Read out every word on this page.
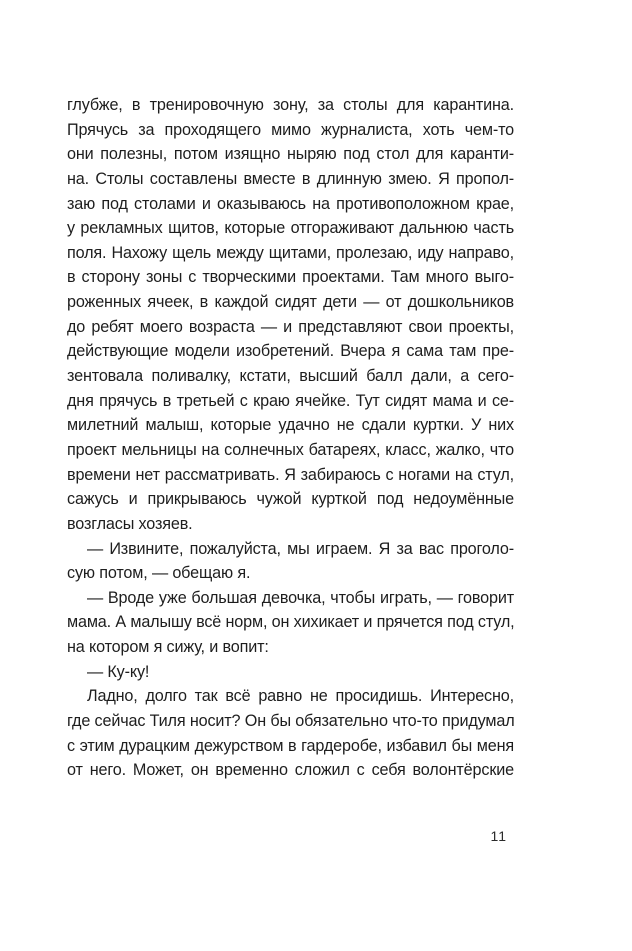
глубже, в тренировочную зону, за столы для карантина.
Прячусь за проходящего мимо журналиста, хоть чем-то
они полезны, потом изящно ныряю под стол для каранти-
на. Столы составлены вместе в длинную змею. Я пропол-
заю под столами и оказываюсь на противоположном крае,
у рекламных щитов, которые отгораживают дальнюю часть
поля. Нахожу щель между щитами, пролезаю, иду направо,
в сторону зоны с творческими проектами. Там много выго-
роженных ячеек, в каждой сидят дети — от дошкольников
до ребят моего возраста — и представляют свои проекты,
действующие модели изобретений. Вчера я сама там пре-
зентовала поливалку, кстати, высший балл дали, а сего-
дня прячусь в третьей с краю ячейке. Тут сидят мама и се-
милетний малыш, которые удачно не сдали куртки. У них
проект мельницы на солнечных батареях, класс, жалко, что
времени нет рассматривать. Я забираюсь с ногами на стул,
сажусь и прикрываюсь чужой курткой под недоумённые
возгласы хозяев.
— Извините, пожалуйста, мы играем. Я за вас проголо-
сую потом, — обещаю я.
— Вроде уже большая девочка, чтобы играть, — говорит
мама. А малышу всё норм, он хихикает и прячется под стул,
на котором я сижу, и вопит:
— Ку-ку!
Ладно, долго так всё равно не просидишь. Интересно,
где сейчас Тиля носит? Он бы обязательно что-то придумал
с этим дурацким дежурством в гардеробе, избавил бы меня
от него. Может, он временно сложил с себя волонтёрские
11
